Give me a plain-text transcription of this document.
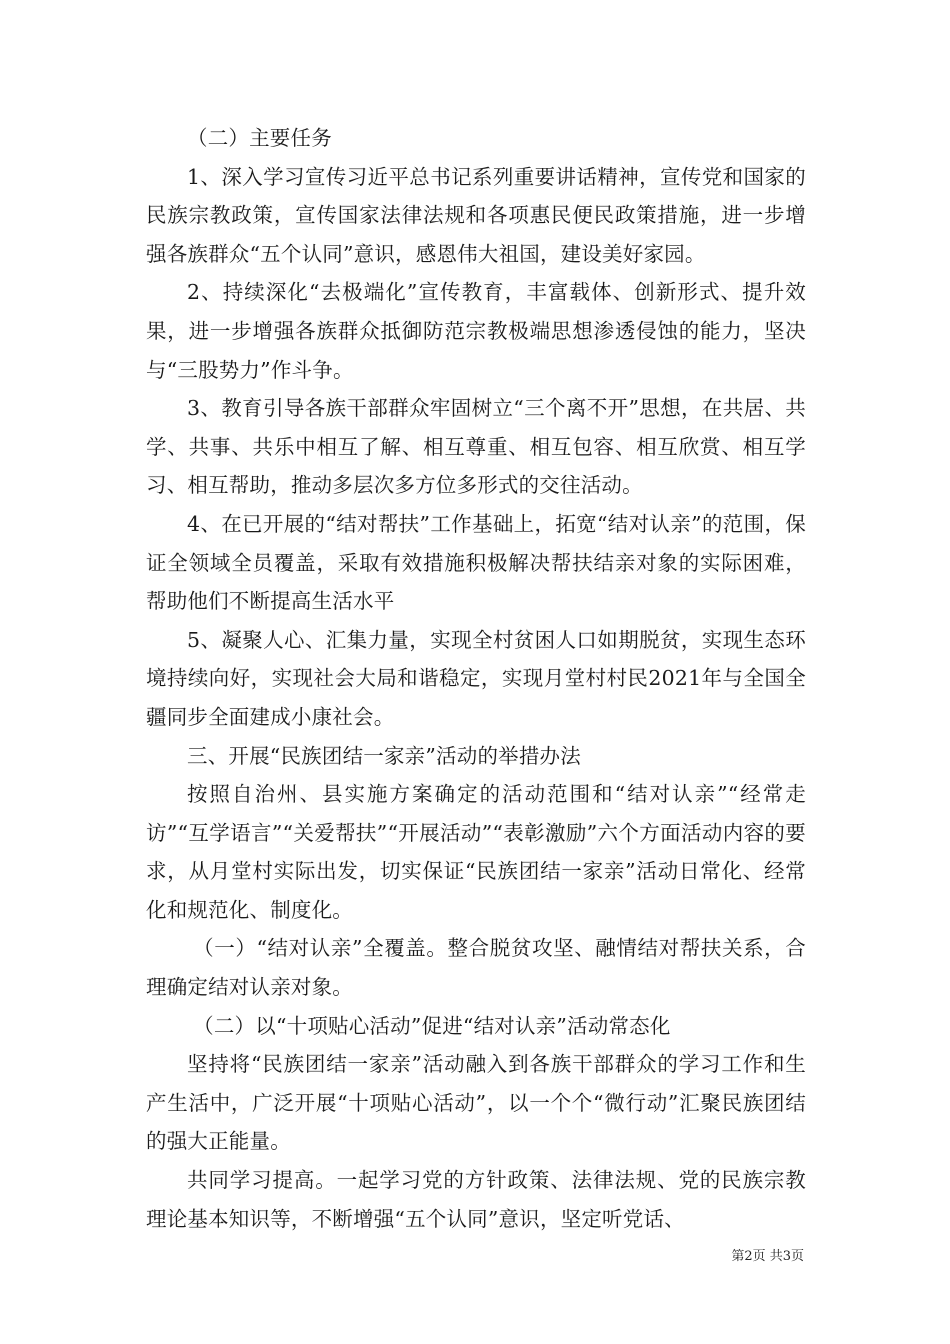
（二）主要任务

1、深入学习宣传习近平总书记系列重要讲话精神，宣传党和国家的民族宗教政策，宣传国家法律法规和各项惠民便民政策措施，进一步增强各族群众“五个认同”意识，感恩伟大祖国，建设美好家园。

2、持续深化“去极端化”宣传教育，丰富载体、创新形式、提升效果，进一步增强各族群众抵御防范宗教极端思想渗透侵蚀的能力，坚决与“三股势力”作斗争。

3、教育引导各族干部群众牢固树立“三个离不开”思想，在共居、共学、共事、共乐中相互了解、相互尊重、相互包容、相互欣赏、相互学习、相互帮助，推动多层次多方位多形式的交往活动。

4、在已开展的“结对帮扶”工作基础上，拓宽“结对认亲”的范围，保证全领域全员覆盖，采取有效措施积极解决帮扶结亲对象的实际困难，帮助他们不断提高生活水平

5、凝聚人心、汇集力量，实现全村贫困人口如期脱贫，实现生态环境持续向好，实现社会大局和谐稳定，实现月堂村村民2021年与全国全疆同步全面建成小康社会。

三、开展“民族团结一家亲”活动的举措办法

按照自治州、县实施方案确定的活动范围和“结对认亲”“经常走访”“互学语言”“关爱帮扶”“开展活动”“表彰激励”六个方面活动内容的要求，从月堂村实际出发，切实保证“民族团结一家亲”活动日常化、经常化和规范化、制度化。

（一）“结对认亲”全覆盖。整合脱贫攻坚、融情结对帮扶关系，合理确定结对认亲对象。

（二）以“十项贴心活动”促进“结对认亲”活动常态化

坚持将“民族团结一家亲”活动融入到各族干部群众的学习工作和生产生活中，广泛开展“十项贴心活动”，以一个个“微行动”汇聚民族团结的强大正能量。

共同学习提高。一起学习党的方针政策、法律法规、党的民族宗教理论基本知识等，不断增强“五个认同”意识，坚定听党话、

第2页 共3页
